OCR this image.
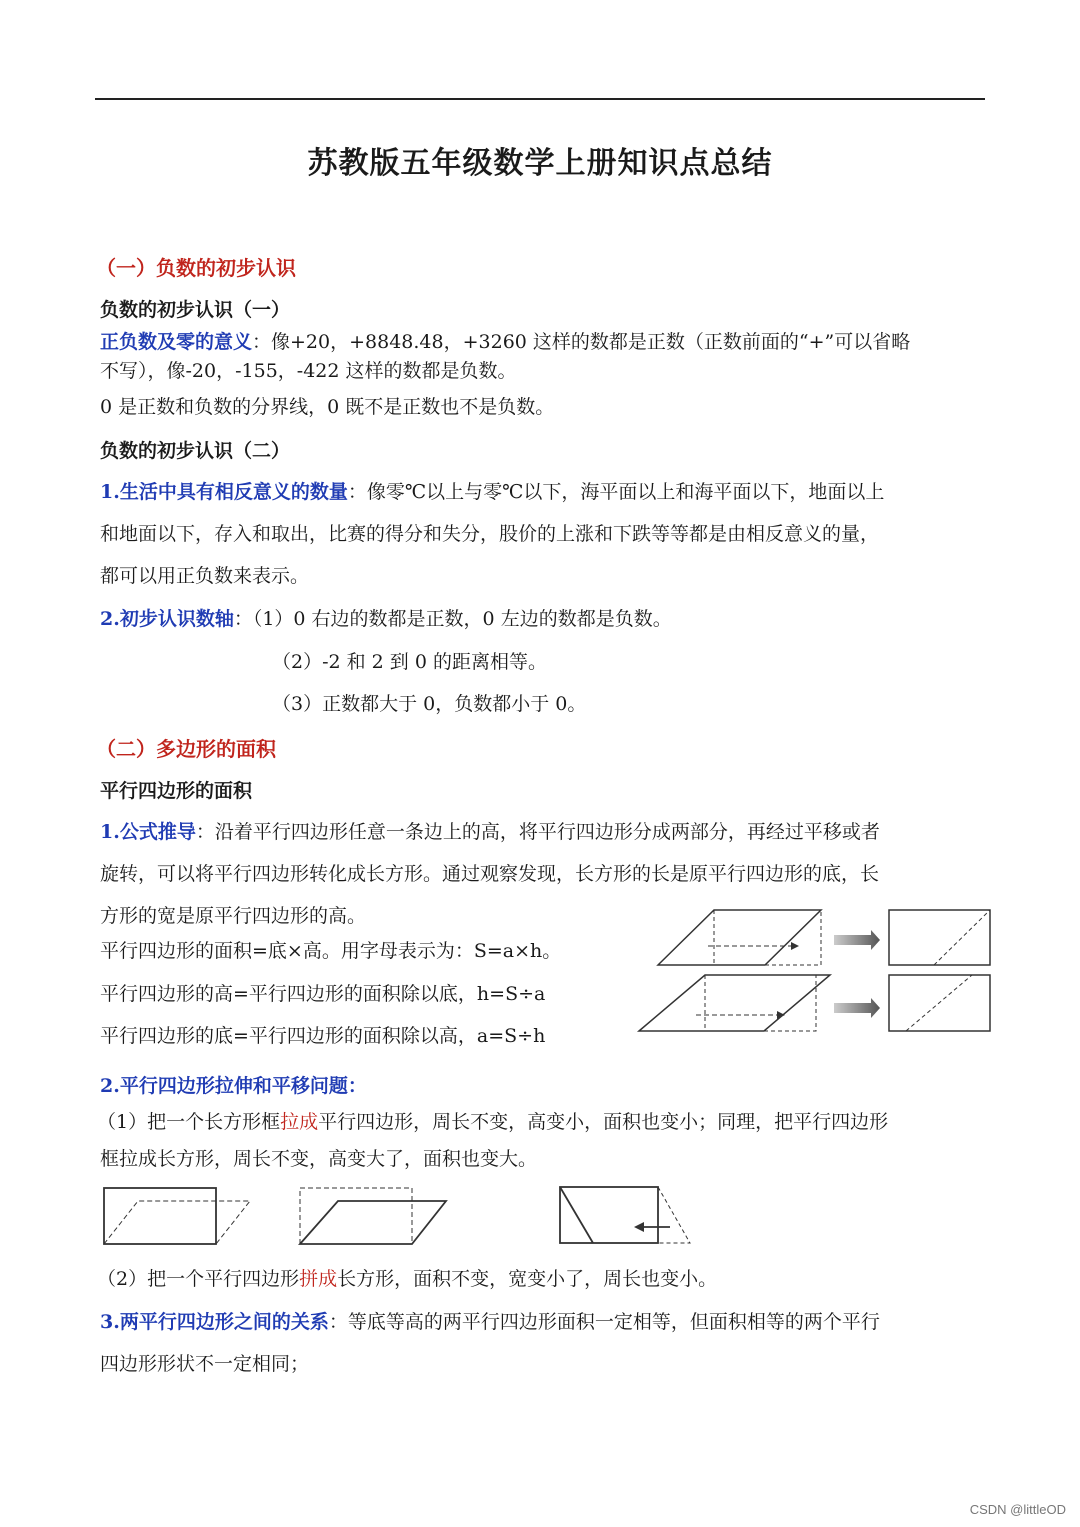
苏教版五年级数学上册知识点总结
（一）负数的初步认识
负数的初步认识（一）
正负数及零的意义：像+20，+8848.48，+3260 这样的数都是正数（正数前面的“+”可以省略
不写），像-20，-155，-422 这样的数都是负数。
0 是正数和负数的分界线，0 既不是正数也不是负数。
负数的初步认识（二）
1.生活中具有相反意义的数量：像零℃以上与零℃以下，海平面以上和海平面以下，地面以上
和地面以下，存入和取出，比赛的得分和失分，股价的上涨和下跌等等都是由相反意义的量，
都可以用正负数来表示。
2.初步认识数轴：（1）0 右边的数都是正数，0 左边的数都是负数。
（2）-2 和 2 到 0 的距离相等。
（3）正数都大于 0，负数都小于 0。
（二）多边形的面积
平行四边形的面积
1.公式推导：沿着平行四边形任意一条边上的高，将平行四边形分成两部分，再经过平移或者
旋转，可以将平行四边形转化成长方形。通过观察发现，长方形的长是原平行四边形的底，长
方形的宽是原平行四边形的高。
平行四边形的面积=底×高。用字母表示为：S=a×h。
平行四边形的高=平行四边形的面积除以底，h=S÷a
平行四边形的底=平行四边形的面积除以高，a=S÷h
2.平行四边形拉伸和平移问题：
（1）把一个长方形框拉成平行四边形，周长不变，高变小，面积也变小；同理，把平行四边形
框拉成长方形，周长不变，高变大了，面积也变大。
（2）把一个平行四边形拼成长方形，面积不变，宽变小了，周长也变小。
3.两平行四边形之间的关系：等底等高的两平行四边形面积一定相等，但面积相等的两个平行
四边形形状不一定相同；
CSDN @littleOD
